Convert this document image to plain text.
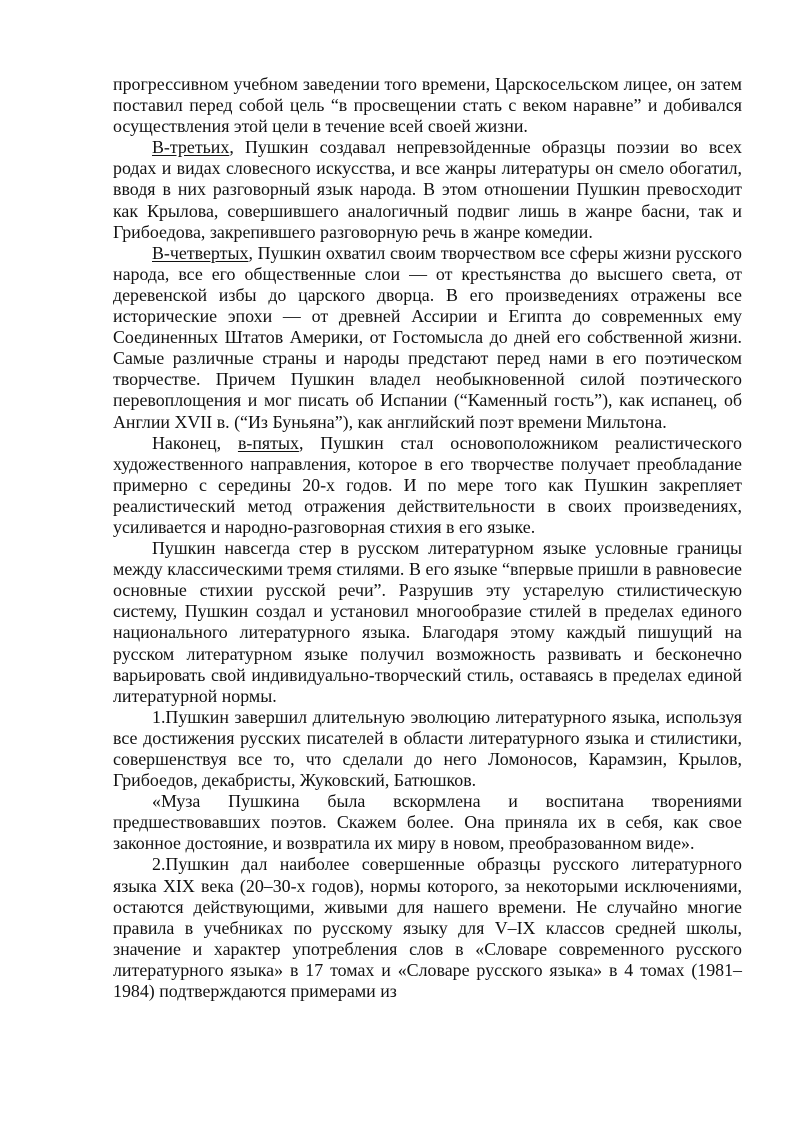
прогрессивном учебном заведении того времени, Царскосельском лицее, он затем поставил перед собой цель “в просвещении стать с веком наравне” и добивался осуществления этой цели в течение всей своей жизни.

В-третьих, Пушкин создавал непревзойденные образцы поэзии во всех родах и видах словесного искусства, и все жанры литературы он смело обогатил, вводя в них разговорный язык народа. В этом отношении Пушкин превосходит как Крылова, совершившего аналогичный подвиг лишь в жанре басни, так и Грибоедова, закрепившего разговорную речь в жанре комедии.

В-четвертых, Пушкин охватил своим творчеством все сферы жизни русского народа, все его общественные слои — от крестьянства до высшего света, от деревенской избы до царского дворца. В его произведениях отражены все исторические эпохи — от древней Ассирии и Египта до современных ему Соединенных Штатов Америки, от Гостомысла до дней его собственной жизни. Самые различные страны и народы предстают перед нами в его поэтическом творчестве. Причем Пушкин владел необыкновенной силой поэтического перевоплощения и мог писать об Испании (“Каменный гость”), как испанец, об Англии XVII в. (“Из Буньяна”), как английский поэт времени Мильтона.

Наконец, в-пятых, Пушкин стал основоположником реалистического художественного направления, которое в его творчестве получает преобладание примерно с середины 20-х годов. И по мере того как Пушкин закрепляет реалистический метод отражения действительности в своих произведениях, усиливается и народно-разговорная стихия в его языке.

Пушкин навсегда стер в русском литературном языке условные границы между классическими тремя стилями. В его языке “впервые пришли в равновесие основные стихии русской речи”. Разрушив эту устарелую стилистическую систему, Пушкин создал и установил многообразие стилей в пределах единого национального литературного языка. Благодаря этому каждый пишущий на русском литературном языке получил возможность развивать и бесконечно варьировать свой индивидуально-творческий стиль, оставаясь в пределах единой литературной нормы.

1.Пушкин завершил длительную эволюцию литературного языка, используя все достижения русских писателей в области литературного языка и стилистики, совершенствуя все то, что сделали до него Ломоносов, Карамзин, Крылов, Грибоедов, декабристы, Жуковский, Батюшков.

«Муза Пушкина была вскормлена и воспитана творениями предшествовавших поэтов. Скажем более. Она приняла их в себя, как свое законное достояние, и возвратила их миру в новом, преобразованном виде».

2.Пушкин дал наиболее совершенные образцы русского литературного языка XIX века (20–30-х годов), нормы которого, за некоторыми исключениями, остаются действующими, живыми для нашего времени. Не случайно многие правила в учебниках по русскому языку для V–IX классов средней школы, значение и характер употребления слов в «Словаре современного русского литературного языка» в 17 томах и «Словаре русского языка» в 4 томах (1981–1984) подтверждаются примерами из
